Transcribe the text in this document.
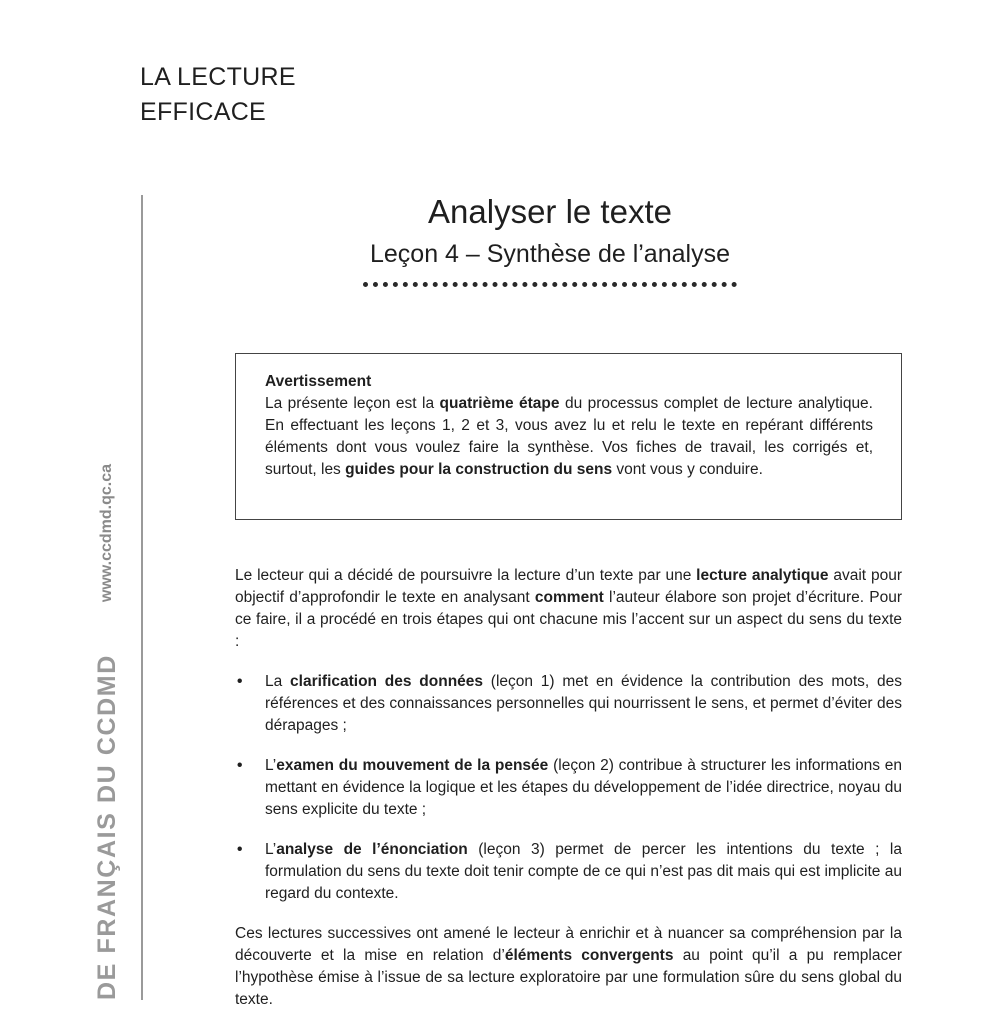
LA LECTURE
EFFICACE
DE FRANÇAIS DU CCDMDwww.ccdmd.qc.ca
Analyser le texte
Leçon 4 – Synthèse de l’analyse
Avertissement
La présente leçon est la quatrième étape du processus complet de lecture analytique. En effectuant les leçons 1, 2 et 3, vous avez lu et relu le texte en repérant différents éléments dont vous voulez faire la synthèse. Vos fiches de travail, les corrigés et, surtout, les guides pour la construction du sens vont vous y conduire.

Le lecteur qui a décidé de poursuivre la lecture d’un texte par une lecture analytique avait pour objectif d’approfondir le texte en analysant comment l’auteur élabore son projet d’écriture. Pour ce faire, il a procédé en trois étapes qui ont chacune mis l’accent sur un aspect du sens du texte :

• La clarification des données (leçon 1) met en évidence la contribution des mots, des références et des connaissances personnelles qui nourrissent le sens, et permet d’éviter des dérapages ;
• L’examen du mouvement de la pensée (leçon 2) contribue à structurer les informations en mettant en évidence la logique et les étapes du développement de l’idée directrice, noyau du sens explicite du texte ;
• L’analyse de l’énonciation (leçon 3) permet de percer les intentions du texte ; la formulation du sens du texte doit tenir compte de ce qui n’est pas dit mais qui est implicite au regard du contexte.

Ces lectures successives ont amené le lecteur à enrichir et à nuancer sa compréhension par la découverte et la mise en relation d’éléments convergents au point qu’il a pu remplacer l’hypothèse émise à l’issue de sa lecture exploratoire par une formulation sûre du sens global du texte.
